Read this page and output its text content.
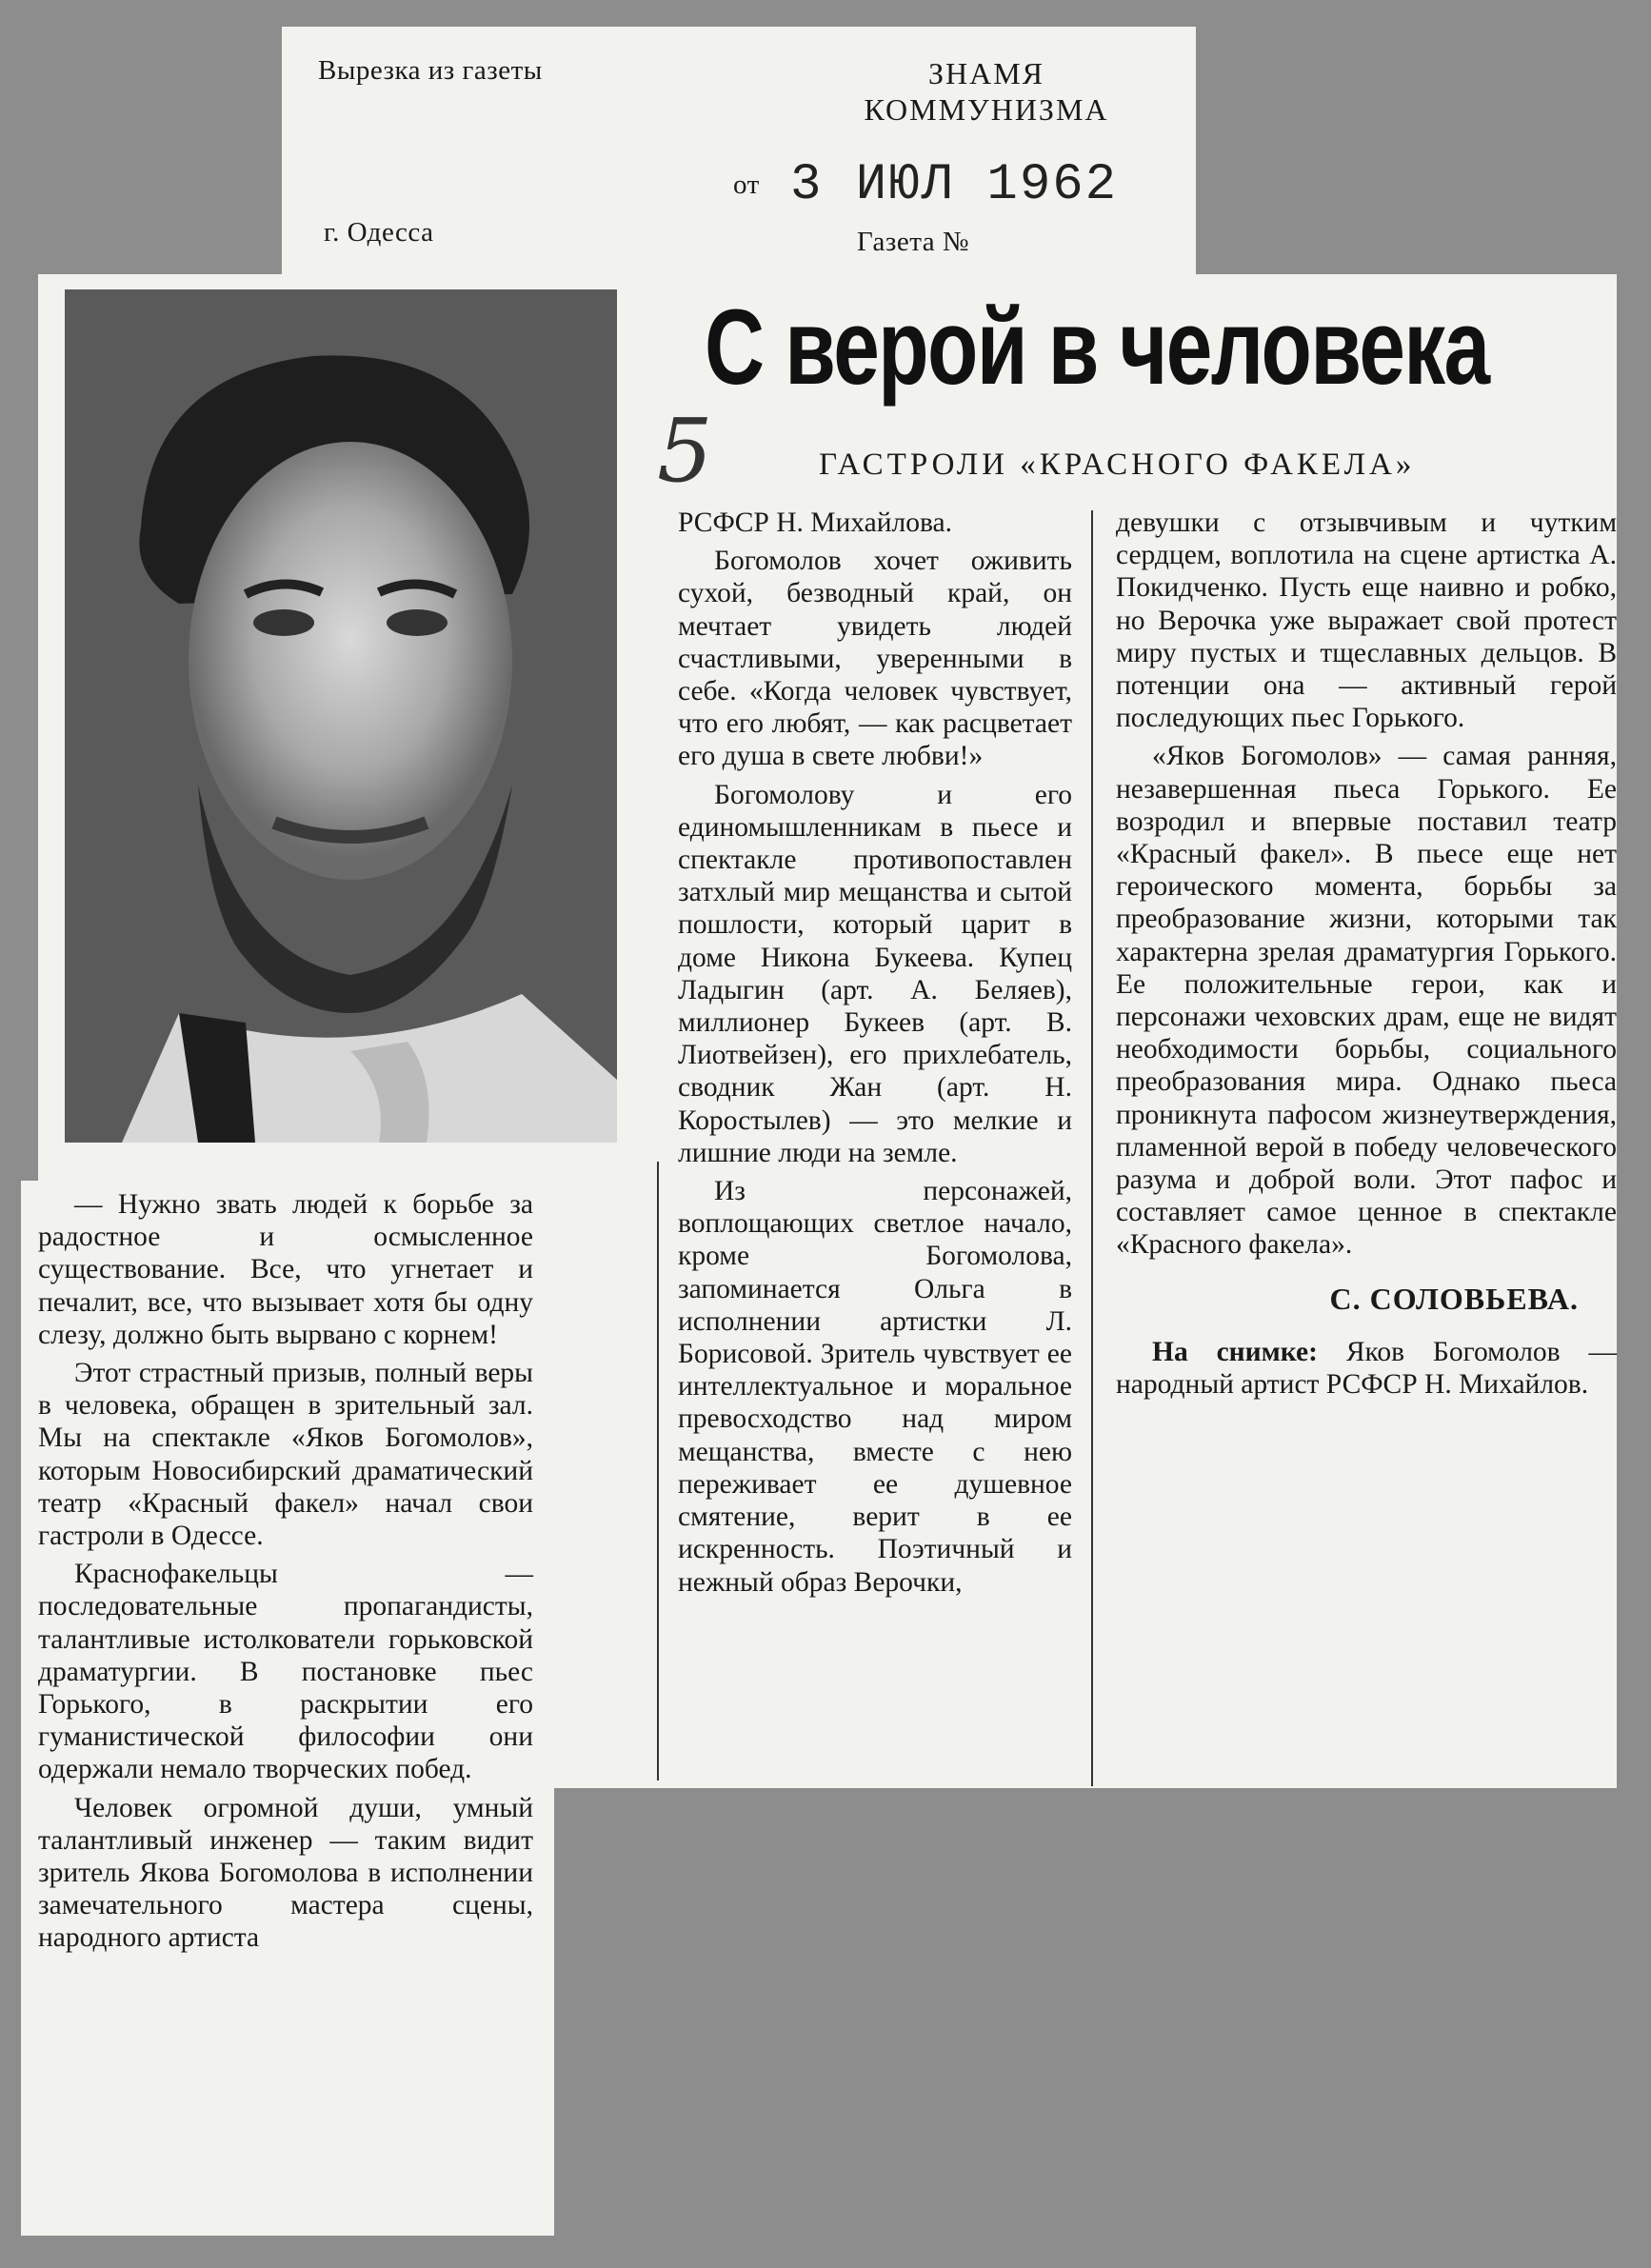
Вырезка из газеты	ЗНАМЯ
КОММУНИЗМА
от 3 ИЮЛ 1962
г. Одесса	Газета №
С верой в человека
5	ГАСТРОЛИ «КРАСНОГО ФАКЕЛА»

— Нужно звать людей к борьбе за радостное и осмысленное существование. Все, что угнетает и печалит, все, что вызывает хотя бы одну слезу, должно быть вырвано с корнем!

Этот страстный призыв, полный веры в человека, обращен в зрительный зал. Мы на спектакле «Яков Богомолов», которым Новосибирский драматический театр «Красный факел» начал свои гастроли в Одессе.

Краснофакельцы — последовательные пропагандисты, талантливые истолкователи горьковской драматургии. В постановке пьес Горького, в раскрытии его гуманистической философии они одержали немало творческих побед.

Человек огромной души, умный талантливый инженер — таким видит зритель Якова Богомолова в исполнении замечательного мастера сцены, народного артиста

РСФСР Н. Михайлова.

Богомолов хочет оживить сухой, безводный край, он мечтает увидеть людей счастливыми, уверенными в себе. «Когда человек чувствует, что его любят, — как расцветает его душа в свете любви!»

Богомолову и его единомышленникам в пьесе и спектакле противопоставлен затхлый мир мещанства и сытой пошлости, который царит в доме Никона Букеева. Купец Ладыгин (арт. А. Беляев), миллионер Букеев (арт. В. Лиотвейзен), его прихлебатель, сводник Жан (арт. Н. Коростылев) — это мелкие и лишние люди на земле.

Из персонажей, воплощающих светлое начало, кроме Богомолова, запоминается Ольга в исполнении артистки Л. Борисовой. Зритель чувствует ее интеллектуальное и моральное превосходство над миром мещанства, вместе с нею переживает ее душевное смятение, верит в ее искренность. Поэтичный и нежный образ Верочки,

девушки с отзывчивым и чутким сердцем, воплотила на сцене артистка А. Покидченко. Пусть еще наивно и робко, но Верочка уже выражает свой протест миру пустых и тщеславных дельцов. В потенции она — активный герой последующих пьес Горького.

«Яков Богомолов» — самая ранняя, незавершенная пьеса Горького. Ее возродил и впервые поставил театр «Красный факел». В пьесе еще нет героического момента, борьбы за преобразование жизни, которыми так характерна зрелая драматургия Горького. Ее положительные герои, как и персонажи чеховских драм, еще не видят необходимости борьбы, социального преобразования мира. Однако пьеса проникнута пафосом жизнеутверждения, пламенной верой в победу человеческого разума и доброй воли. Этот пафос и составляет самое ценное в спектакле «Красного факела».

С. СОЛОВЬЕВА.

На снимке: Яков Богомолов — народный артист РСФСР Н. Михайлов.
